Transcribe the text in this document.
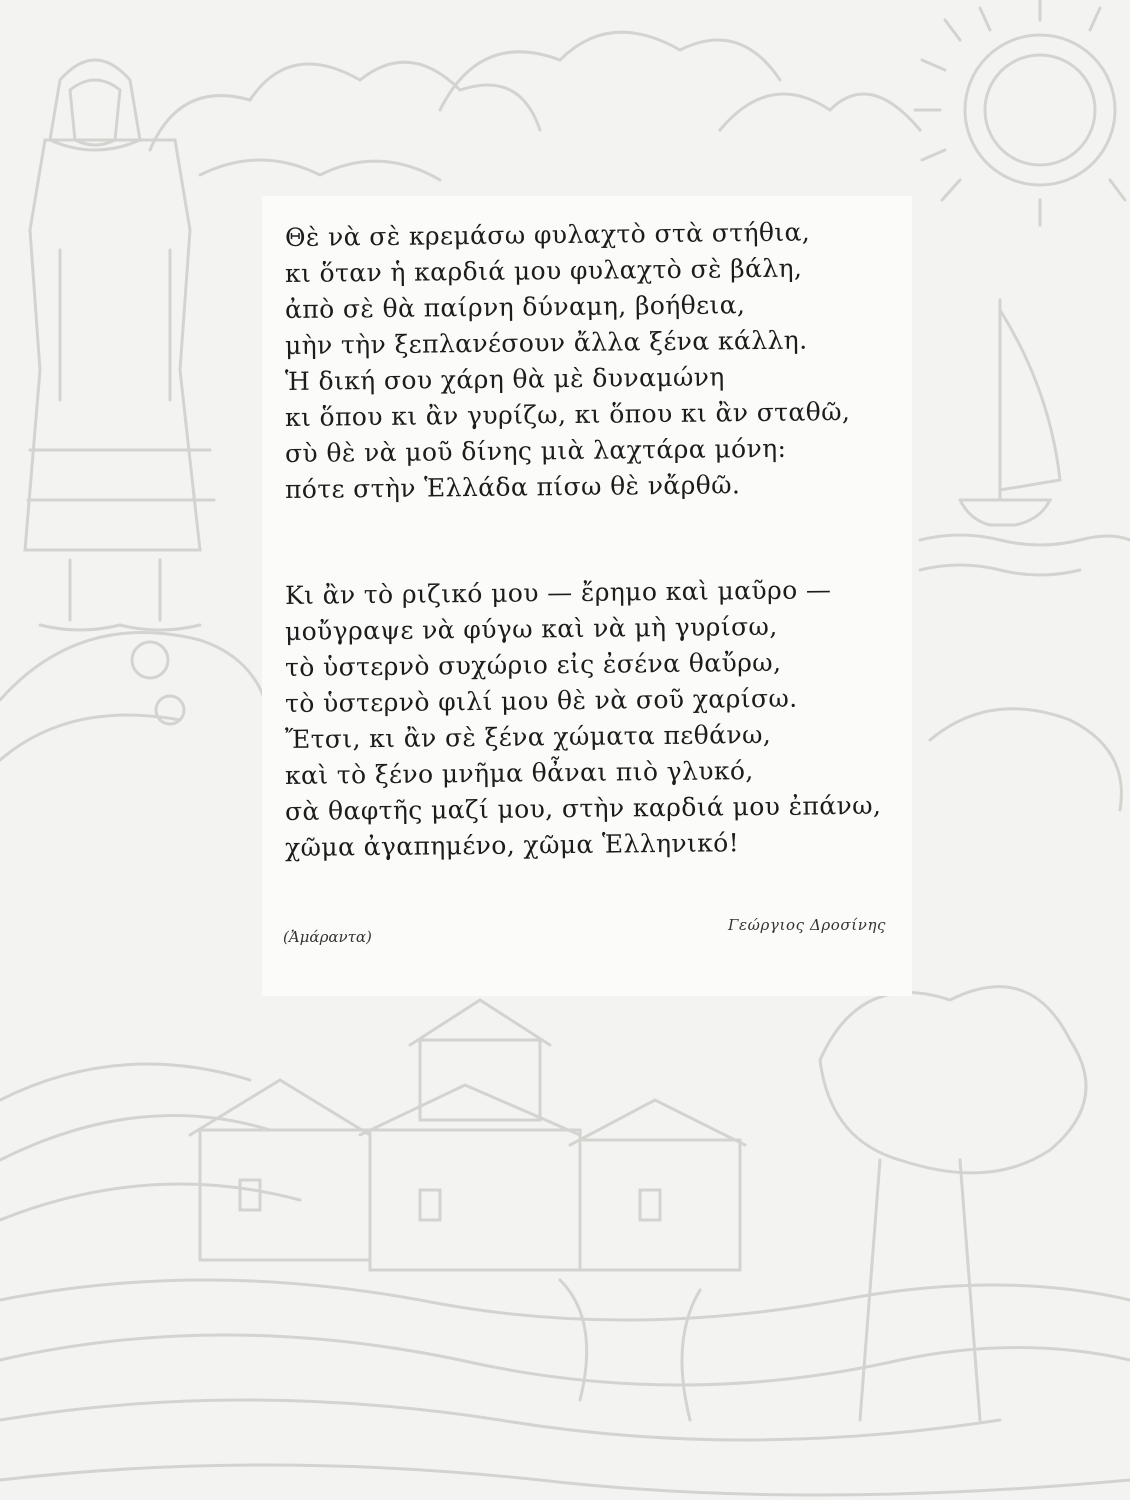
Θὲ νὰ σὲ κρεμάσω φυλαχτὸ στὰ στήθια,
κι ὅταν ἡ καρδιά μου φυλαχτὸ σὲ βάλη,
ἀπὸ σὲ θὰ παίρνη δύναμη, βοήθεια,
μὴν τὴν ξεπλανέσουν ἄλλα ξένα κάλλη.
Ἡ δική σου χάρη θὰ μὲ δυναμώνη
κι ὅπου κι ἂν γυρίζω, κι ὅπου κι ἂν σταθῶ,
σὺ θὲ νὰ μοῦ δίνης μιὰ λαχτάρα μόνη:
πότε στὴν Ἑλλάδα πίσω θὲ νἄρθῶ.
Κι ἂν τὸ ριζικό μου — ἔρημο καὶ μαῦρο —
μοὔγραψε νὰ φύγω καὶ νὰ μὴ γυρίσω,
τὸ ὑστερνὸ συχώριο εἰς ἐσένα θαὔρω,
τὸ ὑστερνὸ φιλί μου θὲ νὰ σοῦ χαρίσω.
Ἔτσι, κι ἂν σὲ ξένα χώματα πεθάνω,
καὶ τὸ ξένο μνῆμα θἆναι πιὸ γλυκό,
σὰ θαφτῆς μαζί μου, στὴν καρδιά μου ἐπάνω,
χῶμα ἀγαπημένο, χῶμα Ἑλληνικό!
(Ἀμάραντα)
Γεώργιος Δροσίνης
